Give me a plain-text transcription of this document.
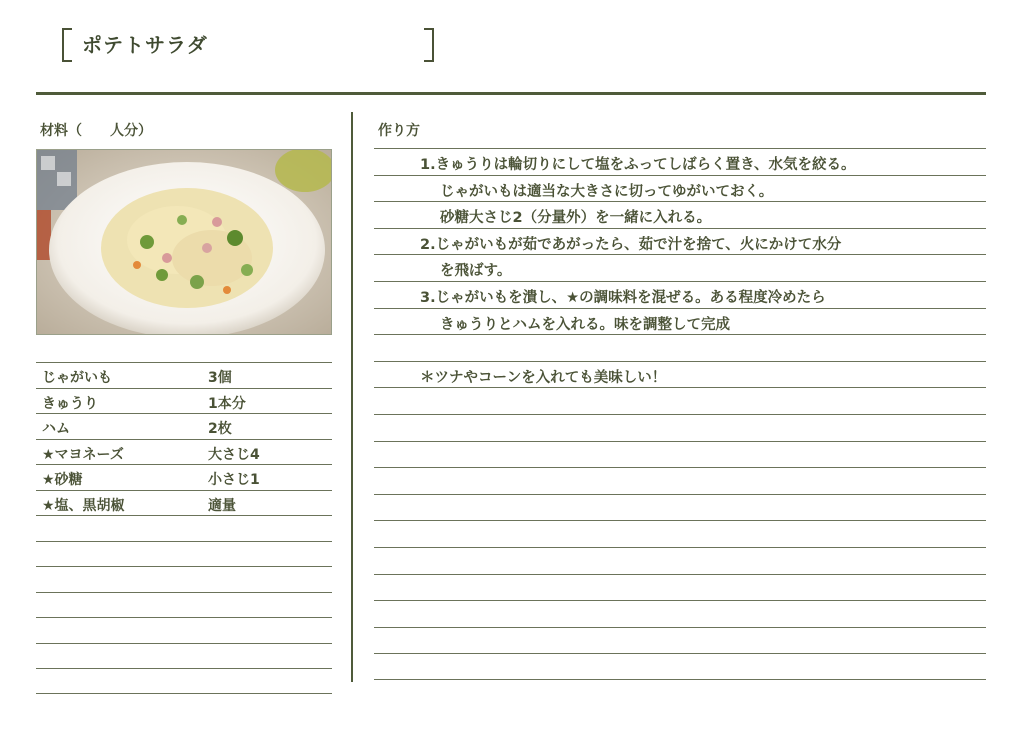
ポテトサラダ
材料（　　人分）	作り方
じゃがいも	3個
きゅうり	1本分
ハム	2枚
★マヨネーズ	大さじ4
★砂糖	小さじ1
★塩、黒胡椒	適量
1.きゅうりは輪切りにして塩をふってしばらく置き、水気を絞る。
じゃがいもは適当な大きさに切ってゆがいておく。
砂糖大さじ2（分量外）を一緒に入れる。
2.じゃがいもが茹であがったら、茹で汁を捨て、火にかけて水分
を飛ばす。
3.じゃがいもを潰し、★の調味料を混ぜる。ある程度冷めたら
きゅうりとハムを入れる。味を調整して完成
＊ツナやコーンを入れても美味しい！
